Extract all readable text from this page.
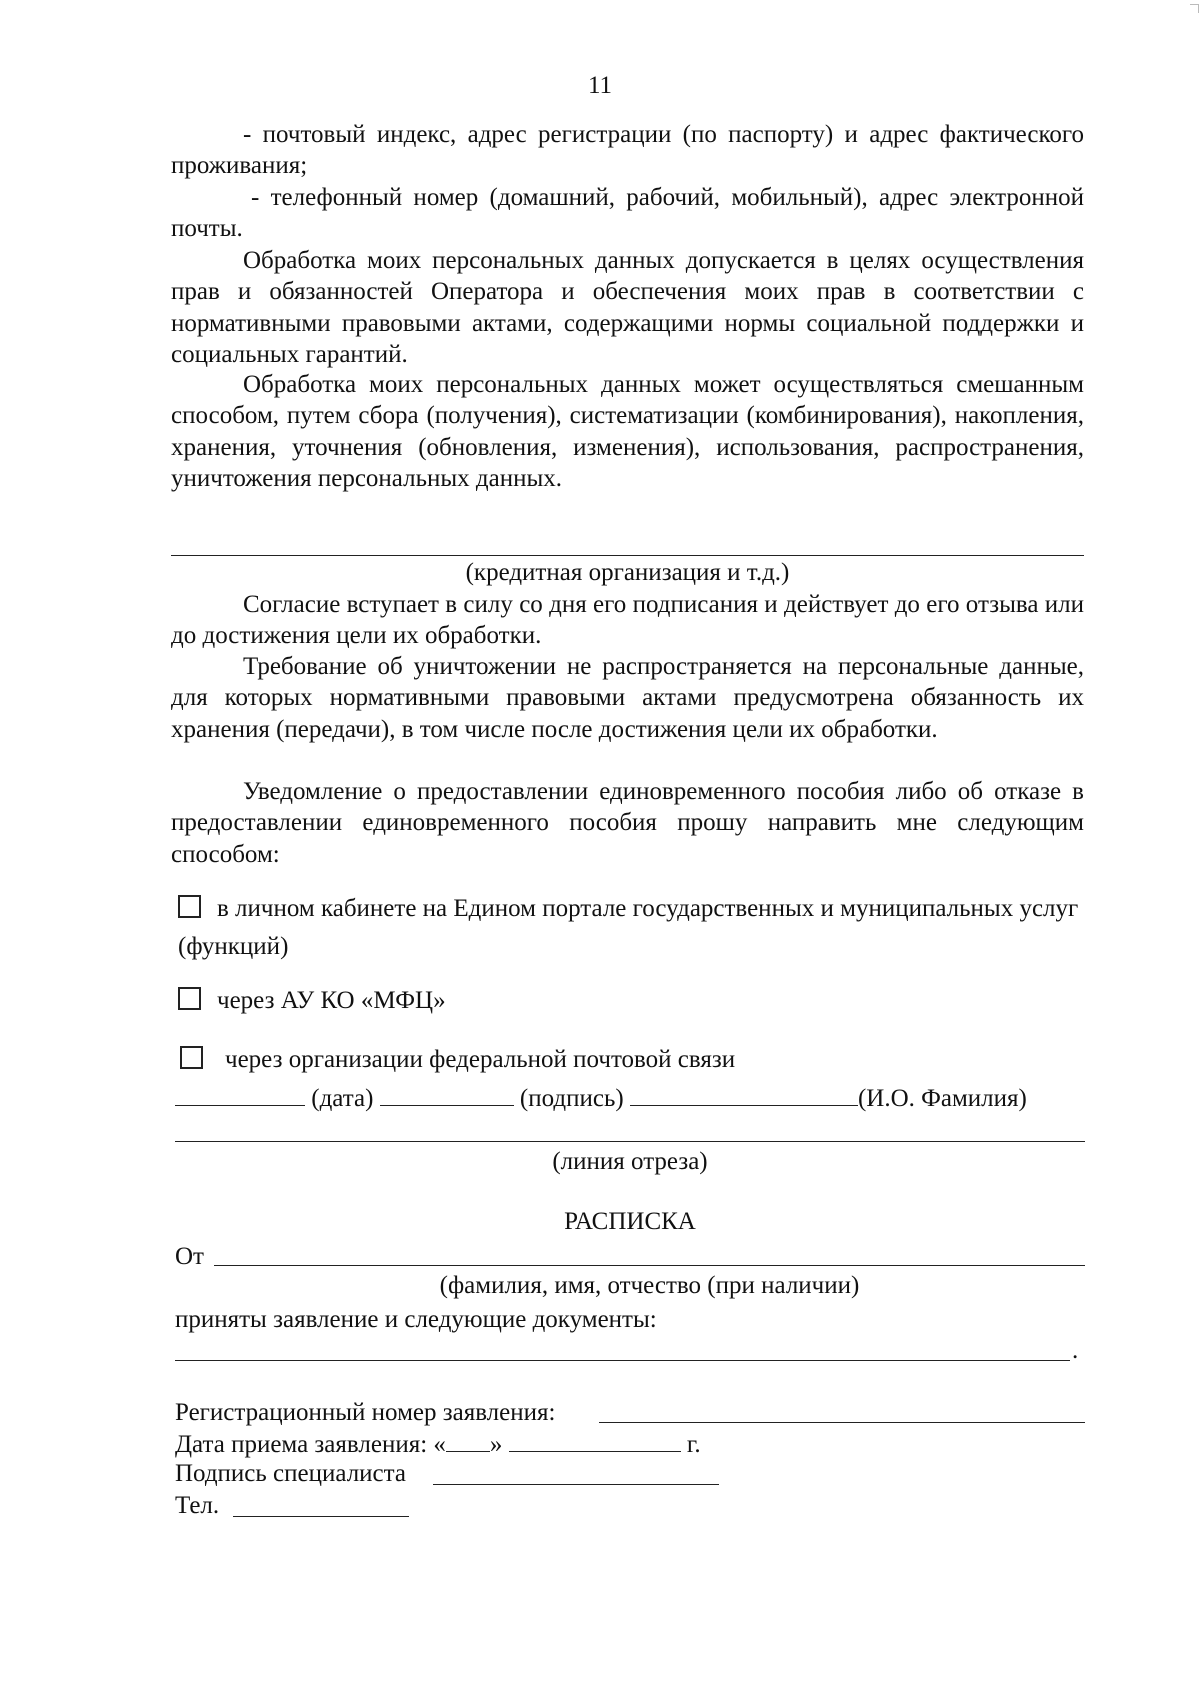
11
- почтовый индекс, адрес регистрации (по паспорту) и адрес фактического проживания;
- телефонный номер (домашний, рабочий, мобильный), адрес электронной почты.
Обработка моих персональных данных допускается в целях осуществления прав и обязанностей Оператора и обеспечения моих прав в соответствии с нормативными правовыми актами, содержащими нормы социальной поддержки и социальных гарантий.
Обработка моих персональных данных может осуществляться смешанным способом, путем сбора (получения), систематизации (комбинирования), накопления, хранения, уточнения (обновления, изменения), использования, распространения, уничтожения персональных данных.
(кредитная организация и т.д.)
Согласие вступает в силу со дня его подписания и действует до его отзыва или до достижения цели их обработки.
Требование об уничтожении не распространяется на персональные данные, для которых нормативными правовыми актами предусмотрена обязанность их хранения (передачи), в том числе после достижения цели их обработки.
Уведомление о предоставлении единовременного пособия либо об отказе в предоставлении единовременного пособия прошу направить мне следующим способом:
в личном кабинете на Едином портале государственных и муниципальных услуг (функций)
через АУ КО «МФЦ»
через организации федеральной почтовой связи
(дата)	(подпись)	(И.О. Фамилия)
(линия отреза)
РАСПИСКА
От
(фамилия, имя, отчество (при наличии)
приняты заявление и следующие документы:
.
Регистрационный номер заявления:
Дата приема заявления: « »	г.
Подпись специалиста
Тел.
